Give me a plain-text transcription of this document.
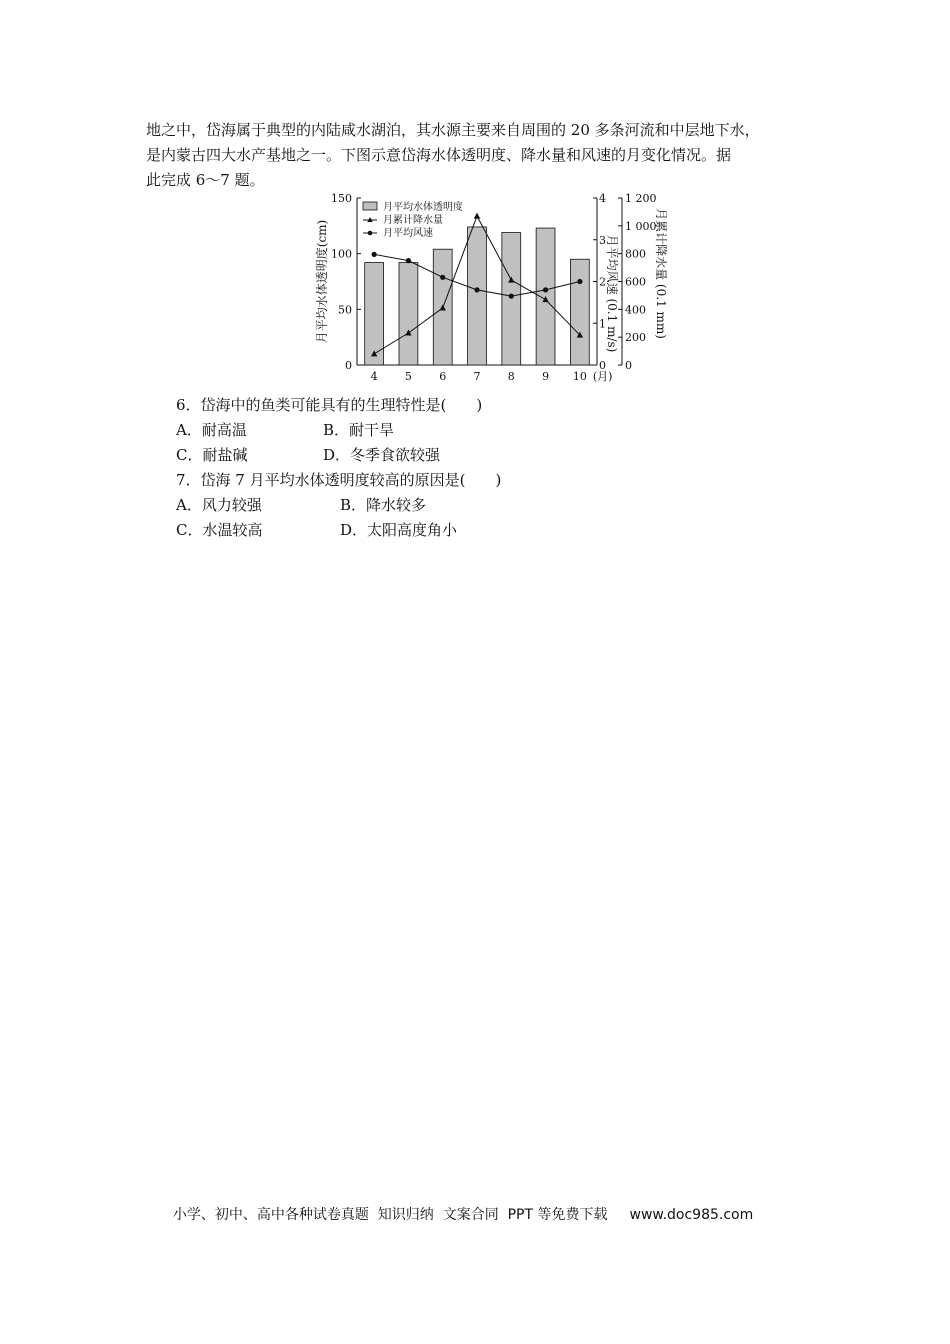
地之中，岱海属于典型的内陆咸水湖泊，其水源主要来自周围的 20 多条河流和中层地下水，
是内蒙古四大水产基地之一。下图示意岱海水体透明度、降水量和风速的月变化情况。据
此完成 6～7 题。
0
50
100
150
月平均水体透明度(cm)
4 5 6 7 8 9 10 (月)
0
1
2
3
4
月平均风速 (0.1 m/s)
0
200
400
600
800
1 000
1 200
月累计降水量 (0.1 mm)
月平均水体透明度
月累计降水量
月平均风速
6．岱海中的鱼类可能具有的生理特性是(　　)
A．耐高温	B．耐干旱
C．耐盐碱	D．冬季食欲较强
7．岱海 7 月平均水体透明度较高的原因是(　　)
A．风力较强	B．降水较多
C．水温较高	D．太阳高度角小

小学、初中、高中各种试卷真题  知识归纳  文案合同  PPT 等免费下载 www.doc985.com
